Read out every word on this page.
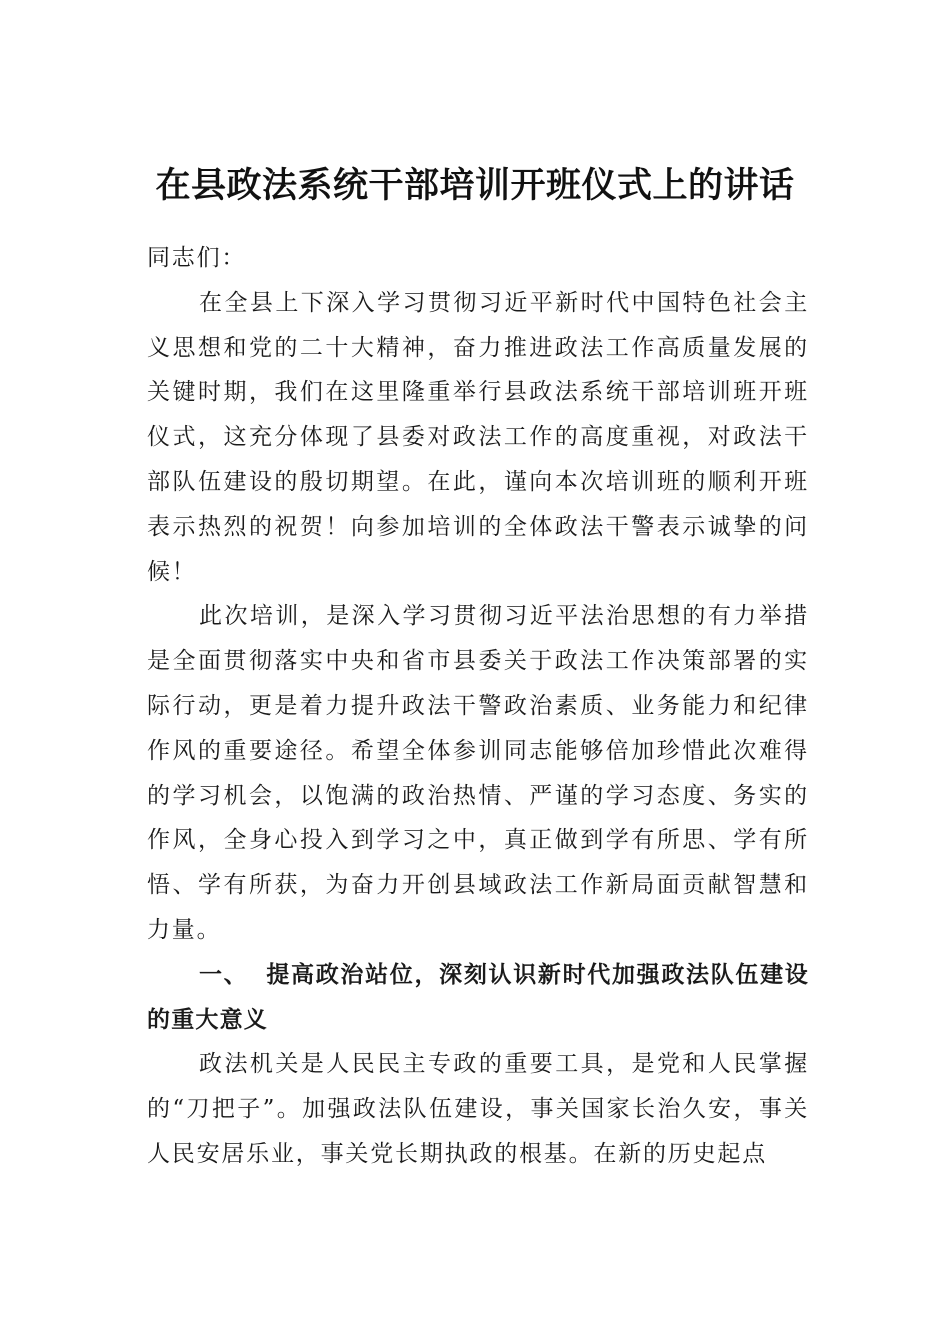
在县政法系统干部培训开班仪式上的讲话

同志们：

在全县上下深入学习贯彻习近平新时代中国特色社会主义思想和党的二十大精神，奋力推进政法工作高质量发展的关键时期，我们在这里隆重举行县政法系统干部培训班开班仪式，这充分体现了县委对政法工作的高度重视，对政法干部队伍建设的殷切期望。在此，谨向本次培训班的顺利开班表示热烈的祝贺！向参加培训的全体政法干警表示诚挚的问候！

此次培训，是深入学习贯彻习近平法治思想的有力举措是全面贯彻落实中央和省市县委关于政法工作决策部署的实际行动，更是着力提升政法干警政治素质、业务能力和纪律作风的重要途径。希望全体参训同志能够倍加珍惜此次难得的学习机会，以饱满的政治热情、严谨的学习态度、务实的作风，全身心投入到学习之中，真正做到学有所思、学有所悟、学有所获，为奋力开创县域政法工作新局面贡献智慧和力量。

一、 提高政治站位，深刻认识新时代加强政法队伍建设的重大意义

政法机关是人民民主专政的重要工具，是党和人民掌握的“刀把子”。加强政法队伍建设，事关国家长治久安，事关人民安居乐业，事关党长期执政的根基。在新的历史起点
